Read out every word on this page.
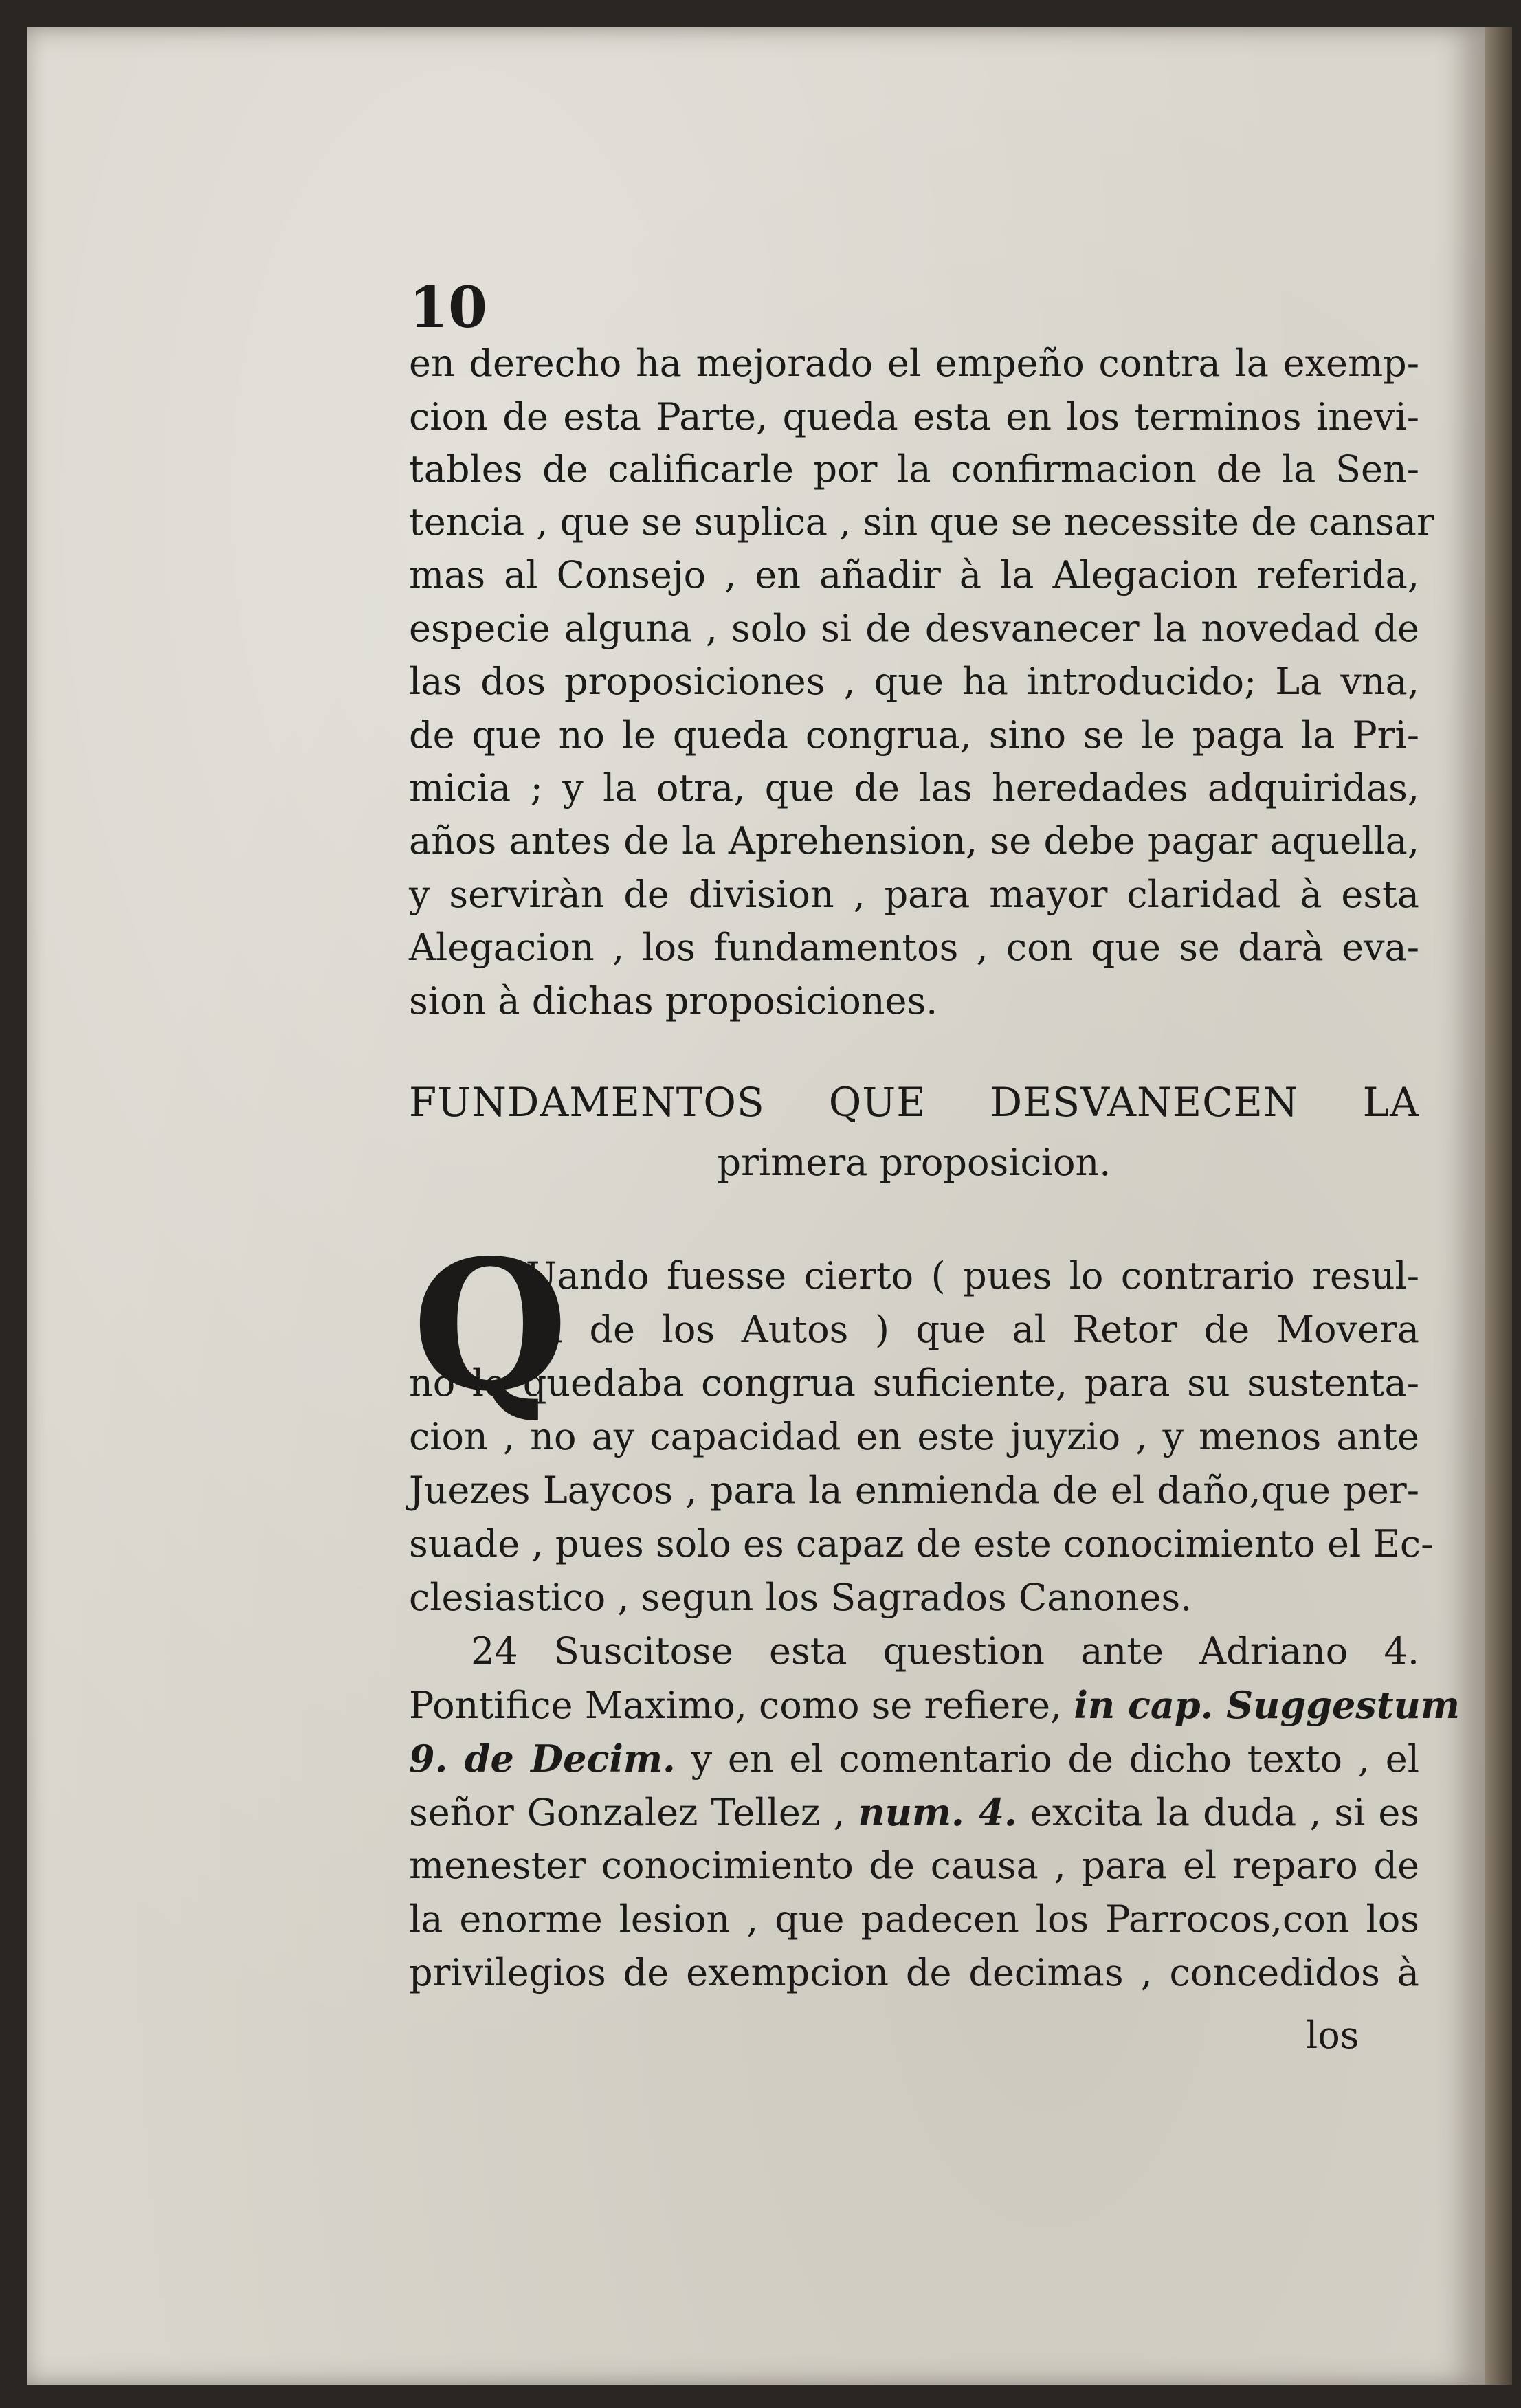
10
en derecho ha mejorado el empeño contra la exemp-
cion de esta Parte, queda esta en los terminos inevi-
tables de calificarle por la confirmacion de la Sen-
tencia , que se suplica , sin que se necessite de cansar
mas al Consejo , en añadir à la Alegacion referida,
especie alguna , solo si de desvanecer la novedad de
las dos proposiciones , que ha introducido; La vna,
de que no le queda congrua, sino se le paga la Pri-
micia ; y la otra, que de las heredades adquiridas,
años antes de la Aprehension, se debe pagar aquella,
y serviràn de division , para mayor claridad à esta
Alegacion , los fundamentos , con que se darà eva-
sion à dichas proposiciones.
FUNDAMENTOS QUE DESVANECEN LA
primera proposicion.
Q
Uando fuesse cierto ( pues lo contrario resul-
ta de los Autos ) que al Retor de Movera
no le quedaba congrua suficiente, para su sustenta-
cion , no ay capacidad en este juyzio , y menos ante
Juezes Laycos , para la enmienda de el daño,que per-
suade , pues solo es capaz de este conocimiento el Ec-
clesiastico , segun los Sagrados Canones.
24 Suscitose esta question ante Adriano 4.
Pontifice Maximo, como se refiere, in cap. Suggestum
9. de Decim. y en el comentario de dicho texto , el
señor Gonzalez Tellez , num. 4. excita la duda , si es
menester conocimiento de causa , para el reparo de
la enorme lesion , que padecen los Parrocos,con los
privilegios de exempcion de decimas , concedidos à
los
